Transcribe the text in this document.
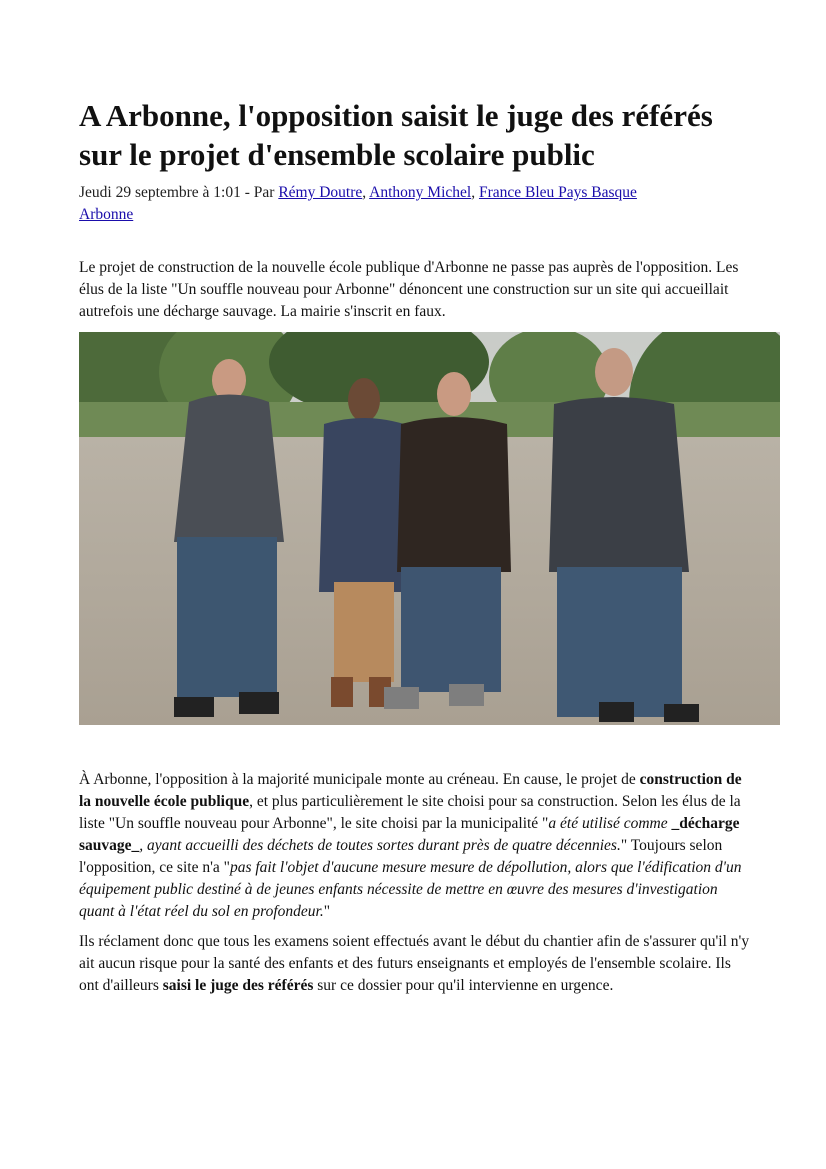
A Arbonne, l'opposition saisit le juge des référés sur le projet d'ensemble scolaire public
Jeudi 29 septembre à 1:01 - Par Rémy Doutre, Anthony Michel, France Bleu Pays Basque
Arbonne
Le projet de construction de la nouvelle école publique d'Arbonne ne passe pas auprès de l'opposition. Les élus de la liste "Un souffle nouveau pour Arbonne" dénoncent une construction sur un site qui accueillait autrefois une décharge sauvage. La mairie s'inscrit en faux.

À Arbonne, l'opposition à la majorité municipale monte au créneau. En cause, le projet de construction de la nouvelle école publique, et plus particulièrement le site choisi pour sa construction. Selon les élus de la liste "Un souffle nouveau pour Arbonne", le site choisi par la municipalité "a été utilisé comme _décharge sauvage_, ayant accueilli des déchets de toutes sortes durant près de quatre décennies." Toujours selon l'opposition, ce site n'a "pas fait l'objet d'aucune mesure mesure de dépollution, alors que l'édification d'un équipement public destiné à de jeunes enfants nécessite de mettre en œuvre des mesures d'investigation quant à l'état réel du sol en profondeur."

Ils réclament donc que tous les examens soient effectués avant le début du chantier afin de s'assurer qu'il n'y ait aucun risque pour la santé des enfants et des futurs enseignants et employés de l'ensemble scolaire. Ils ont d'ailleurs saisi le juge des référés sur ce dossier pour qu'il intervienne en urgence.
